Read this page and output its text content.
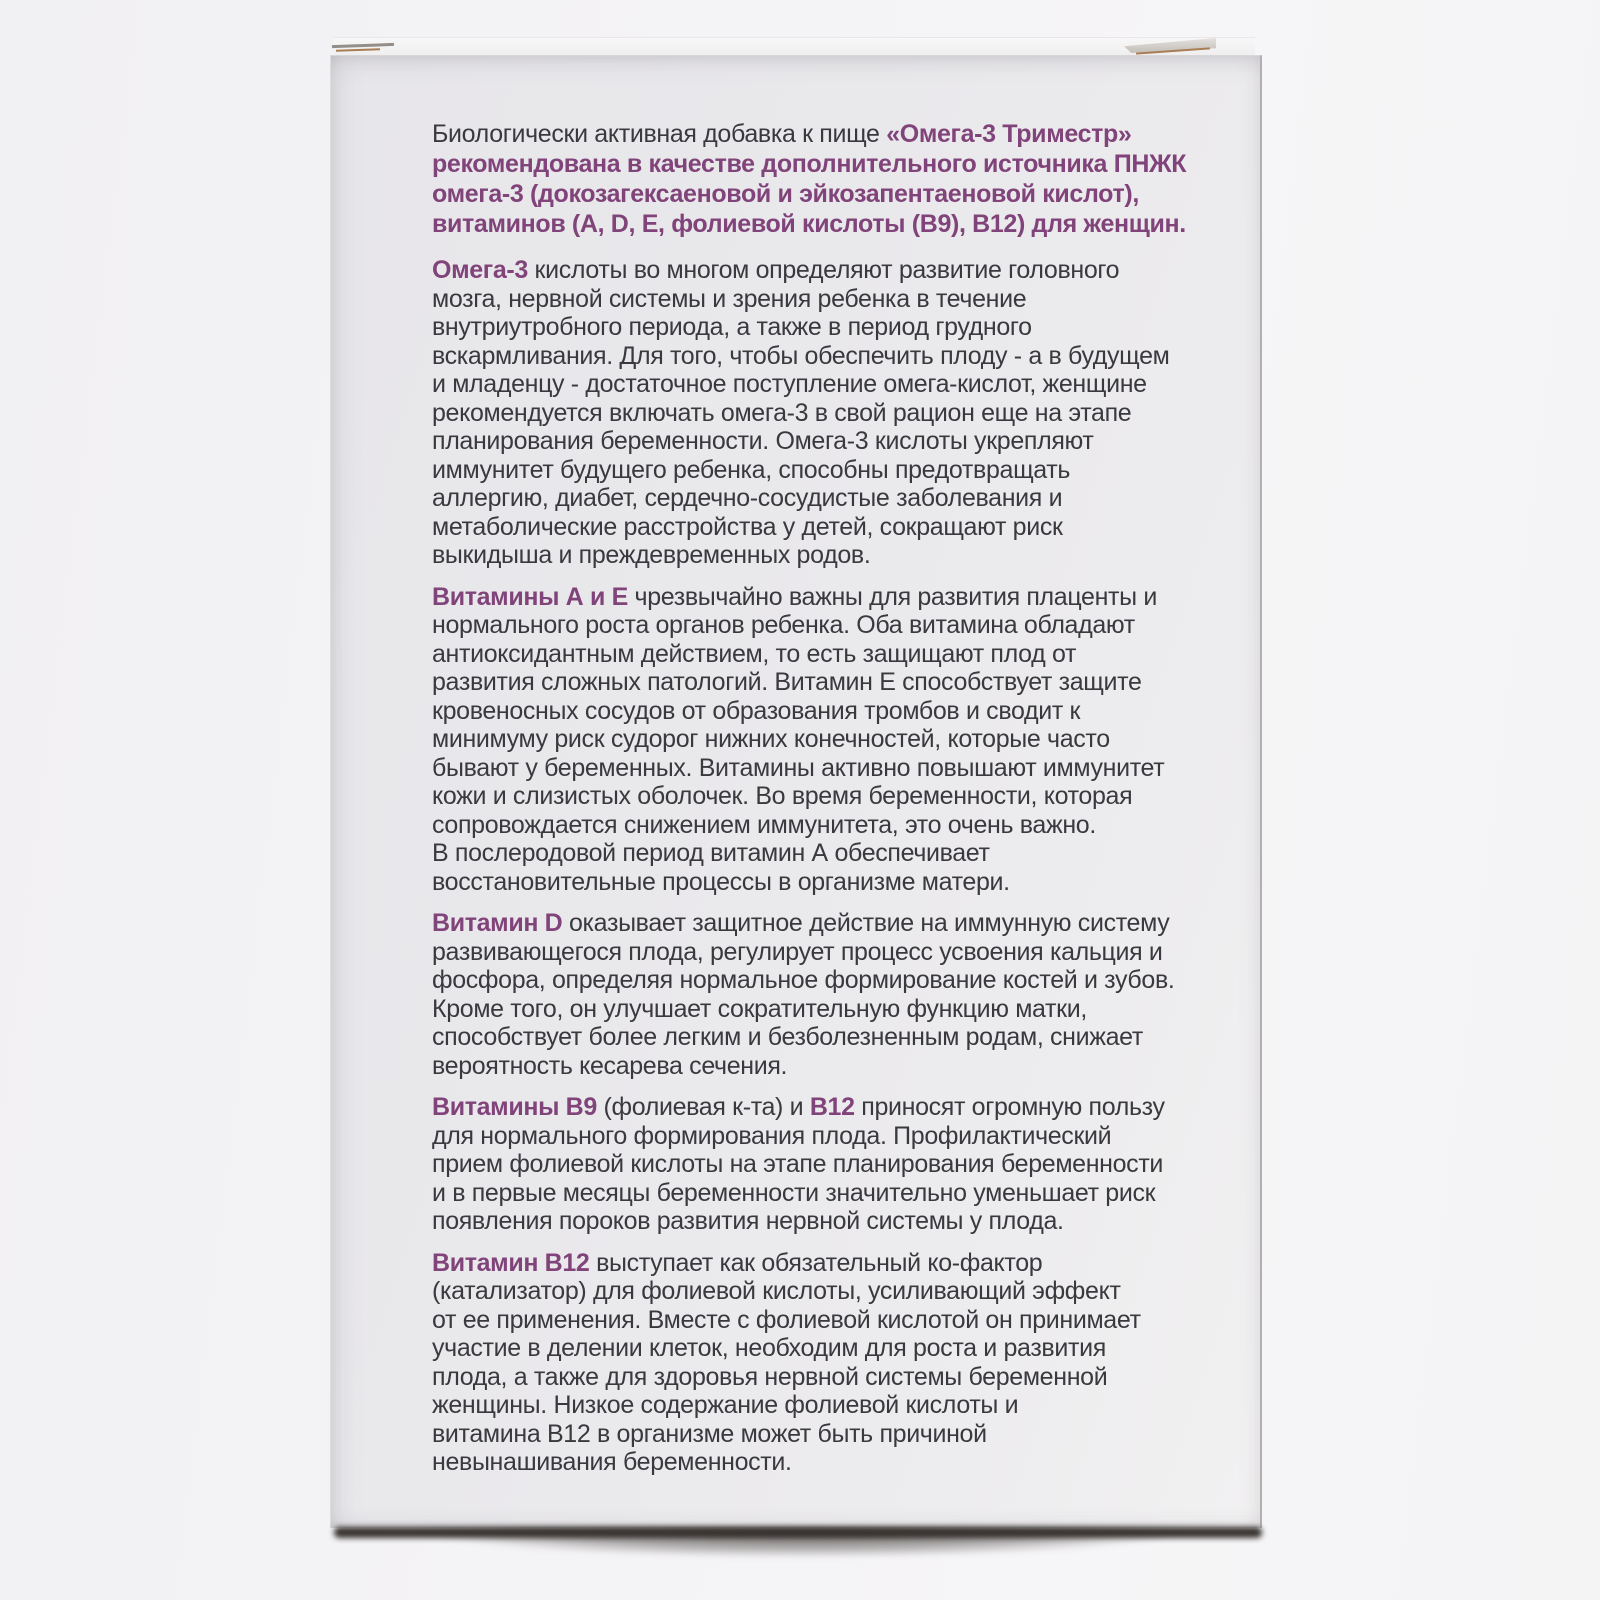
Биологически активная добавка к пище «Омега-3 Триместр»
рекомендована в качестве дополнительного источника ПНЖК
омега-3 (докозагексаеновой и эйкозапентаеновой кислот),
витаминов (A, D, E, фолиевой кислоты (B9), B12) для женщин.
Омега-3 кислоты во многом определяют развитие головного
мозга, нервной системы и зрения ребенка в течение
внутриутробного периода, а также в период грудного
вскармливания. Для того, чтобы обеспечить плоду - а в будущем
и младенцу - достаточное поступление омега-кислот, женщине
рекомендуется включать омега-3 в свой рацион еще на этапе
планирования беременности. Омега-3 кислоты укрепляют
иммунитет будущего ребенка, способны предотвращать
аллергию, диабет, сердечно-сосудистые заболевания и
метаболические расстройства у детей, сокращают риск
выкидыша и преждевременных родов.
Витамины А и Е чрезвычайно важны для развития плаценты и
нормального роста органов ребенка. Оба витамина обладают
антиоксидантным действием, то есть защищают плод от
развития сложных патологий. Витамин Е способствует защите
кровеносных сосудов от образования тромбов и сводит к
минимуму риск судорог нижних конечностей, которые часто
бывают у беременных. Витамины активно повышают иммунитет
кожи и слизистых оболочек. Во время беременности, которая
сопровождается снижением иммунитета, это очень важно.
В послеродовой период витамин А обеспечивает
восстановительные процессы в организме матери.
Витамин D оказывает защитное действие на иммунную систему
развивающегося плода, регулирует процесс усвоения кальция и
фосфора, определяя нормальное формирование костей и зубов.
Кроме того, он улучшает сократительную функцию матки,
способствует более легким и безболезненным родам, снижает
вероятность кесарева сечения.
Витамины В9 (фолиевая к-та) и В12 приносят огромную пользу
для нормального формирования плода. Профилактический
прием фолиевой кислоты на этапе планирования беременности
и в первые месяцы беременности значительно уменьшает риск
появления пороков развития нервной системы у плода.
Витамин В12 выступает как обязательный ко-фактор
(катализатор) для фолиевой кислоты, усиливающий эффект
от ее применения. Вместе с фолиевой кислотой он принимает
участие в делении клеток, необходим для роста и развития
плода, а также для здоровья нервной системы беременной
женщины. Низкое содержание фолиевой кислоты и
витамина В12 в организме может быть причиной
невынашивания беременности.
